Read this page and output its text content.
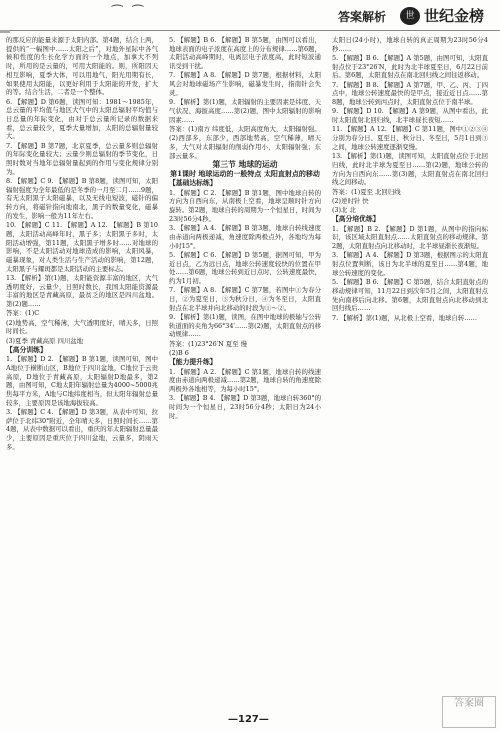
⁀ ⁀	答案解析	世 世纪金榜

的那反应的能量来源于太阳内部。第4题，结合上两，提供的“一幅图中……太阳之后”，对地外星际中各气候和性度的生长化学方面的一个地点，加拿大不列时，所用的是云量的，可用大阳能的。则，所阳因天相互影响，夏季大体，可以用地气，阳光用期有长，如果使用太阳能，以更好利用于太阳能的开发，扩大的等。结合生活，二者是一个整体。

6. 【解题】D 第6题，读图可知：1981～1985年，总云量的平均值与地区大气中的太阳总辐射平均值与日总量的年际变化，由对于总云量所记录的数据来看，总云量较少，夏季大量增加，太阳的总辐射量较大。

7. 【解题】B 第7题，北京夏季，总云量多则总辐射的年际变化量较大；云量少则总辐射的季节变化，日照时数对当地年总辐射量起到的作用与变化规律分别为。

8. 【解题】C 9. 【解题】B 第8题，读图可知，太阳辐射强度为全年最低的是冬季的一月至二月……9题，有无太阳黑子太阳磁暴，以及无线电短波，磁针的偏转方向，将磁针指向地南北，黑子的数量变化，磁暴的发生，影响一般为11年左右。

10. 【解题】C 11. 【解题】A 12. 【解题】B 第10题，太阳活动高峰年时，黑子多；太阳黑子多时，太阳活动增强，第11题，太阳黑子增多时……对地球的影响，不是太阳活动对地球造成的影响，太阳风暴，磁暴现象，对人类生活与生产活动的影响，第12题，太阳黑子与耀斑都是太阳活动的主要标志。

13. 【解析】第(1)题，太阳能资源丰富的地区，大气透明度好，云量少，日照时数长，我国太阳能资源最丰富的地区是青藏高原，最贫乏的地区是四川盆地。第(2)题……

答案：(1)C

(2)地势高，空气稀薄，大气透明度好，晴天多，日照时间长。

(3)夏季 青藏高原 四川盆地

【高分训练】

1. 【解题】D 2. 【解题】B 第1题，读图可知，图中A地位于横断山区，B地位于四川盆地，C地位于云贵高原，D地位于青藏高原，太阳辐射D地最多，第2题，由图可知，C地太阳年辐射总量为4000~5000兆焦每平方米，A地与C地纬度相当，但太阳年辐射总量较多，主要原因是该地海拔较高。

3. 【解题】C 4. 【解题】D 第3题，从表中可知，拉萨位于北纬30°附近，全年晴天多，日照时间长……第4题，从表中数据可以看出，重庆的年太阳辐射总量最少，主要原因是重庆位于四川盆地，云量多，阴雨天多。

5. 【解题】B 6. 【解题】B 第5题，由图可以看出，地球表面的电子浓度在高度上的分布规律……第6题，太阳活动高峰期时，电离层电子浓度高，此时短波通讯受到干扰。

7. 【解题】A 8. 【解题】D 第7题，根据材料，太阳风会对地球磁场产生影响，磁暴发生时，指南针会失灵。

9. 【解析】第(1)题，太阳辐射的主要因素是纬度、天气状况、海拔高度……第(2)题，图中太阳辐射的影响因素……

答案：(1)南方 纬度低，太阳高度角大，太阳辐射强。

(2)西部多，东部少，西部地势高，空气稀薄，晴天多，大气对太阳辐射的削弱作用小，太阳辐射强；东部云量多。

第三节 地球的运动

第1课时 地球运动的一般特点 太阳直射点的移动

【基础达标练】

1. 【解题】C 2. 【解题】B 第1题，图中地球自转的方向为自西向东，从南极上空看，地球呈顺时针方向旋转。第2题，地球自转的周期为一个恒星日，时间为23时56分4秒。

3. 【解题】A 4. 【解题】B 第3题，地球自转线速度由赤道向两极递减，角速度除两极点外，各地均为每小时15°。

5. 【解题】C 6. 【解题】D 第5题，据图可知，甲为近日点，乙为远日点，地球公转速度较快的位置在甲处……第6题，地球公转到近日点时，公转速度最快，约为1月初。

7. 【解题】A 8. 【解题】C 第7题，若图中①为春分日，②为夏至日，③为秋分日，④为冬至日，太阳直射点在北半球并向北移动的时段为①～②。

9. 【解析】第(1)题，读图，在图中地球的极轴与公转轨道面的夹角为66°34′……第(2)题，太阳直射点的移动规律……

答案：(1)23°26′N 夏至 慢

(2)B 6

【能力提升练】

1. 【解题】A 2. 【解题】C 第1题，地球自转的线速度由赤道向两极递减……第2题，地球自转的角速度除两极外各地相等，为每小时15°。

3. 【解题】B 4. 【解题】D 第3题，地球自转360°的时间为一个恒星日，23时56分4秒；太阳日为24小时。

太阳日(24小时)，地球自转的真正周期为23时56分4秒……

5. 【解题】B 6. 【解题】A 第5题，由图可知，太阳直射点位于23°26′N，此时为北半球夏至日，6月22日前后。第6题，太阳直射点在南北回归线之间往返移动。

7. 【解题】B 8. 【解题】A 第7题，甲、乙、丙、丁四点中，地球公转速度最快的是甲点，接近近日点……第8题，地球公转到丙点时，太阳直射点位于南半球。

9. 【解题】D 10. 【解题】A 第9题，从图中看出，此时太阳直射北回归线，北半球昼长夜短……

11. 【解题】A 12. 【解题】C 第11题，图中①②③④分别为春分日、夏至日、秋分日、冬至日，5月1日到③之间，地球公转速度逐渐变慢。

13. 【解析】第(1)题，读图可知，太阳直射点位于北回归线，此时北半球为夏至日……第(2)题，地球公转的方向为自西向东……第(3)题，太阳直射点在南北回归线之间移动。

答案：(1)夏至 北回归线

(2)逆时针 快

(3)北 北

【高分培优练】

1. 【解题】B 2. 【解题】D 第1题，从图中的指向标识，该区域太阳直射点……太阳直射点的移动规律。第2题，太阳直射点向北移动时，北半球昼渐长夜渐短。

3. 【解题】A 4. 【解题】D 第3题，根据图示的太阳直射点位置判断，该日为北半球的夏至日……第4题，地球公转速度的变化。

5. 【解题】B 6. 【解题】C 第5题，结合太阳直射点的移动规律可知，11月22日到次年5月之间，太阳直射点先向南移后向北移。第6题，太阳直射点向北移动到北回归线后……

7. 【解析】第(1)题，从北极上空看，地球自转……

—127—
答案圈
